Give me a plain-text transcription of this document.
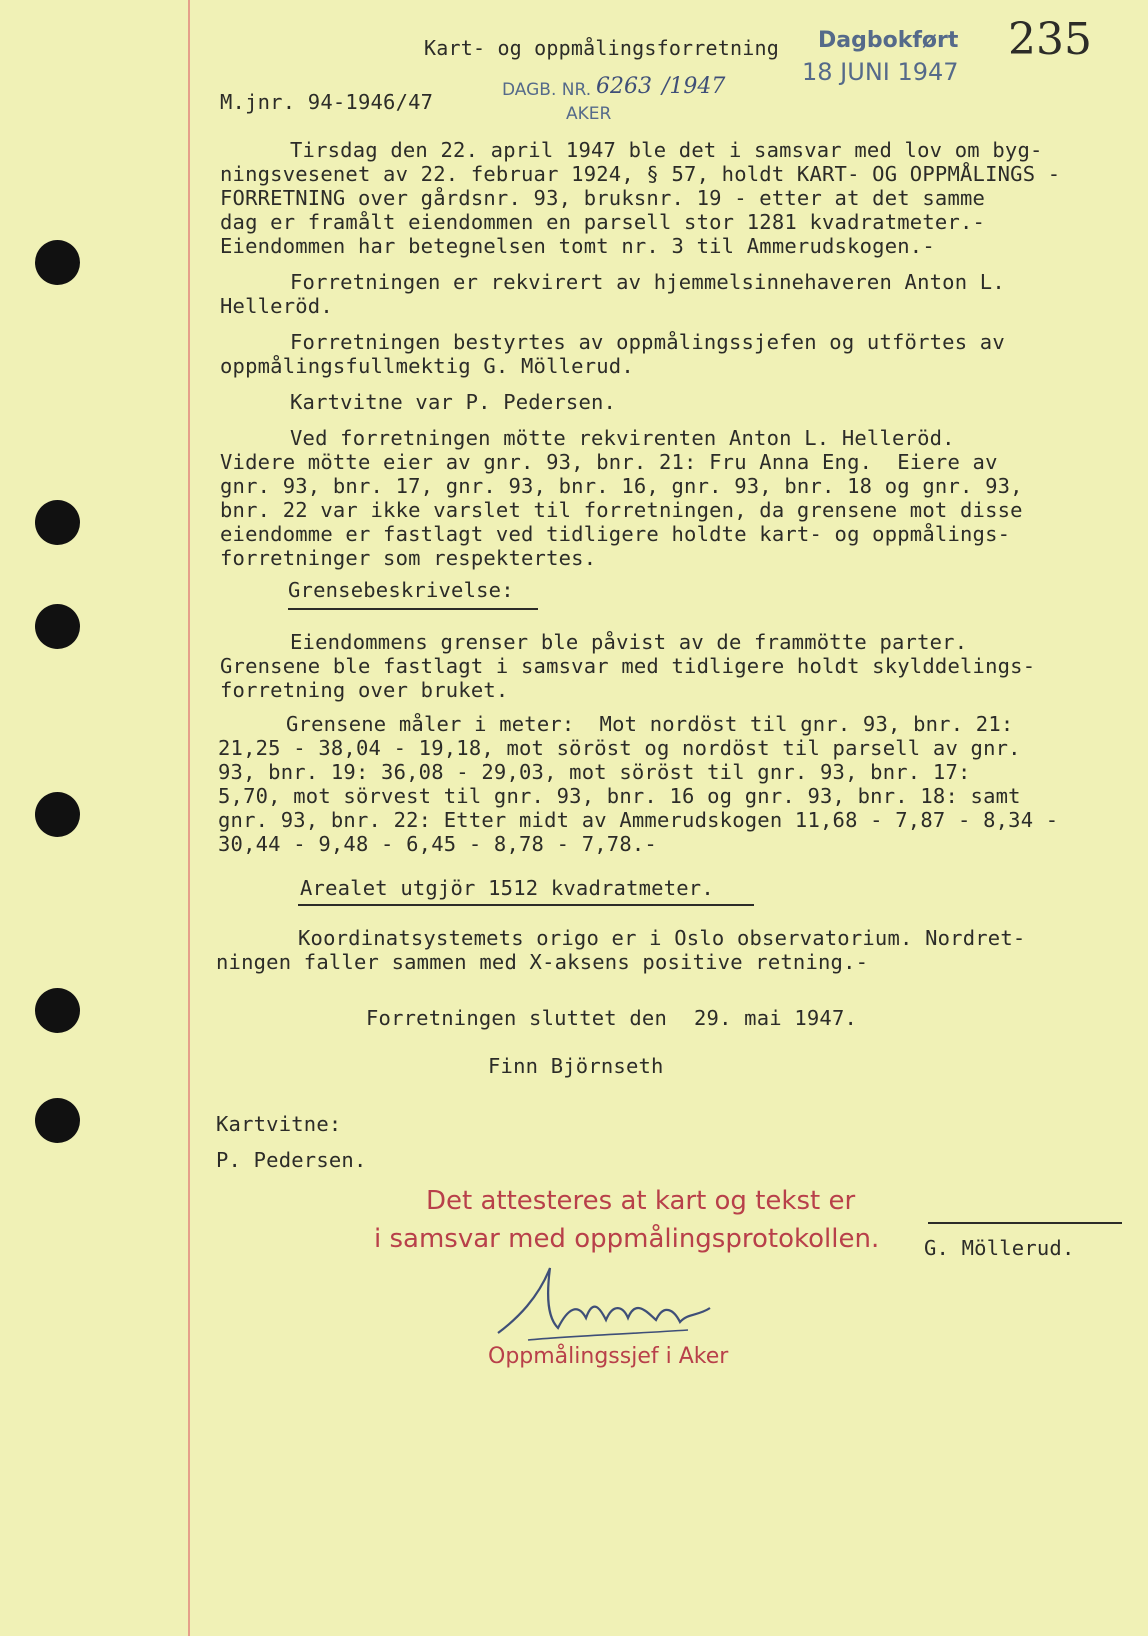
Kart- og oppmålingsforretning Dagbokført
18 JUNI 1947
235
DAGB. NR. 6263 /1947
AKER
M.jnr. 94-1946/47
Tirsdag den 22. april 1947 ble det i samsvar med lov om byg-
ningsvesenet av 22. februar 1924, § 57, holdt KART- OG OPPMÅLINGS -
FORRETNING over gårdsnr. 93, bruksnr. 19 - etter at det samme
dag er framålt eiendommen en parsell stor 1281 kvadratmeter.-
Eiendommen har betegnelsen tomt nr. 3 til Ammerudskogen.-
Forretningen er rekvirert av hjemmelsinnehaveren Anton L.
Helleröd.
Forretningen bestyrtes av oppmålingssjefen og utförtes av
oppmålingsfullmektig G. Möllerud.
Kartvitne var P. Pedersen.
Ved forretningen mötte rekvirenten Anton L. Helleröd.
Videre mötte eier av gnr. 93, bnr. 21: Fru Anna Eng.  Eiere av
gnr. 93, bnr. 17, gnr. 93, bnr. 16, gnr. 93, bnr. 18 og gnr. 93,
bnr. 22 var ikke varslet til forretningen, da grensene mot disse
eiendomme er fastlagt ved tidligere holdte kart- og oppmålings-
forretninger som respektertes.
Grensebeskrivelse:
Eiendommens grenser ble påvist av de frammötte parter.
Grensene ble fastlagt i samsvar med tidligere holdt skylddelings-
forretning over bruket.
Grensene måler i meter:  Mot nordöst til gnr. 93, bnr. 21:
21,25 - 38,04 - 19,18, mot söröst og nordöst til parsell av gnr.
93, bnr. 19: 36,08 - 29,03, mot söröst til gnr. 93, bnr. 17:
5,70, mot sörvest til gnr. 93, bnr. 16 og gnr. 93, bnr. 18: samt
gnr. 93, bnr. 22: Etter midt av Ammerudskogen 11,68 - 7,87 - 8,34 -
30,44 - 9,48 - 6,45 - 8,78 - 7,78.-
Arealet utgjör 1512 kvadratmeter.
Koordinatsystemets origo er i Oslo observatorium. Nordret-
ningen faller sammen med X-aksens positive retning.-
Forretningen sluttet den 29. mai 1947.
Finn Björnseth
Kartvitne:
P. Pedersen.
Det attesteres at kart og tekst er
i samsvar med oppmålingsprotokollen. G. Möllerud.
Oppmålingssjef i Aker
